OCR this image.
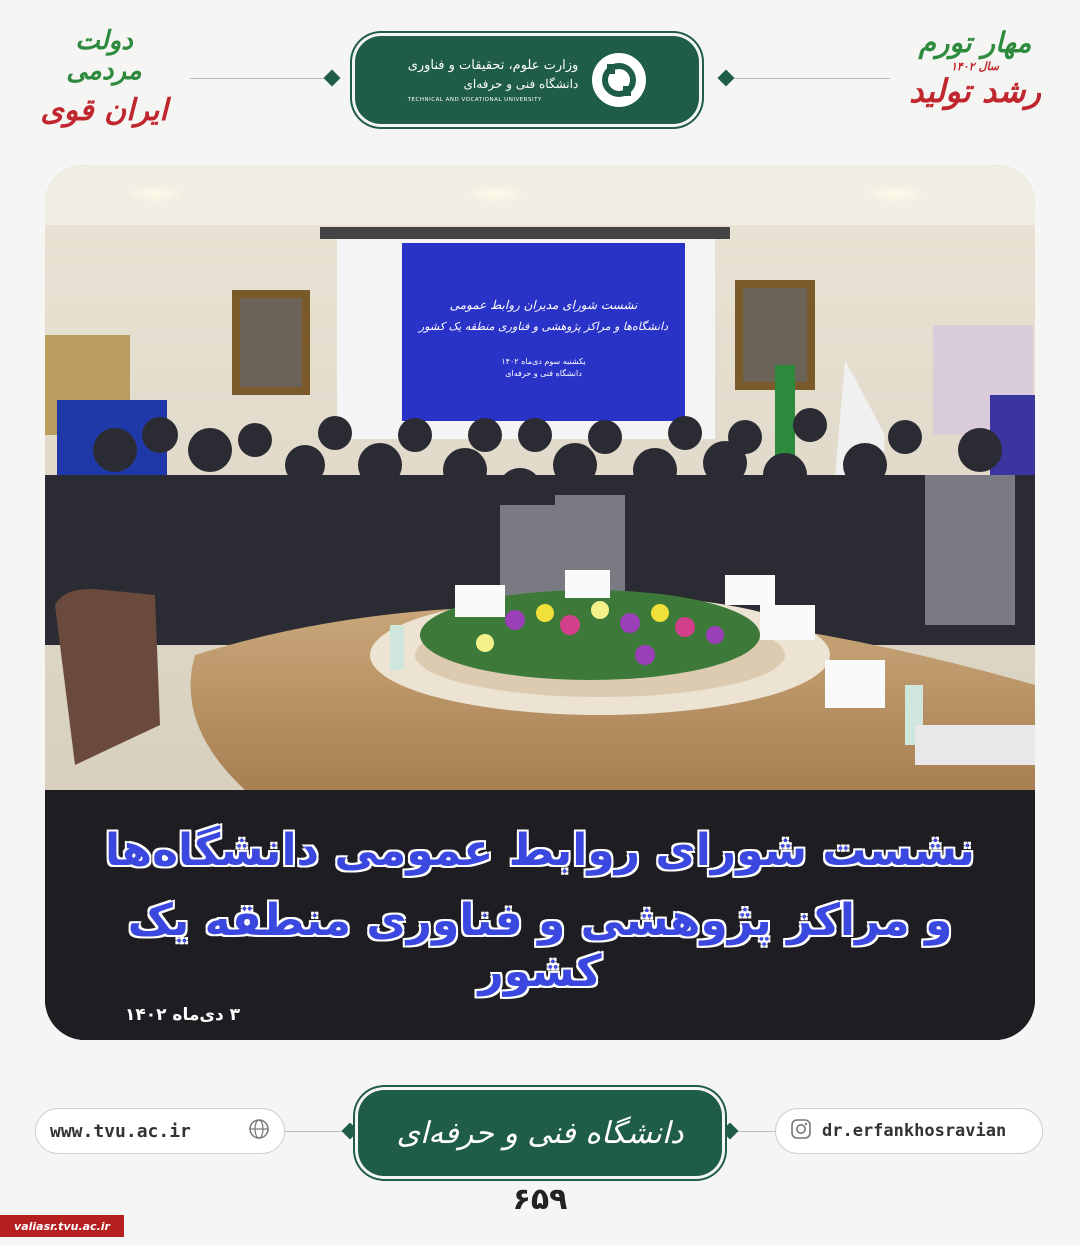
دولت مردمی
ایران قوی
وزارت علوم، تحقیقات و فناوری
دانشگاه فنی و حرفه‌ای
TECHNICAL AND VOCATIONAL UNIVERSITY
مهار تورم
سال ۱۴۰۲
رشد تولید
نشست شورای مدیران روابط عمومی
دانشگاه‌ها و مراکز پژوهشی و فناوری منطقه یک کشور
یکشنبه سوم دی‌ماه ۱۴۰۲
دانشگاه فنی و حرفه‌ای
نشست شورای روابط عمومی دانشگاه‌ها
و مراکز پژوهشی و فناوری منطقه یک کشور
۳ دی‌ماه ۱۴۰۲
www.tvu.ac.ir	دانشگاه فنی و حرفه‌ای	dr.erfankhosravian
۶۵۹
valiasr.tvu.ac.ir
